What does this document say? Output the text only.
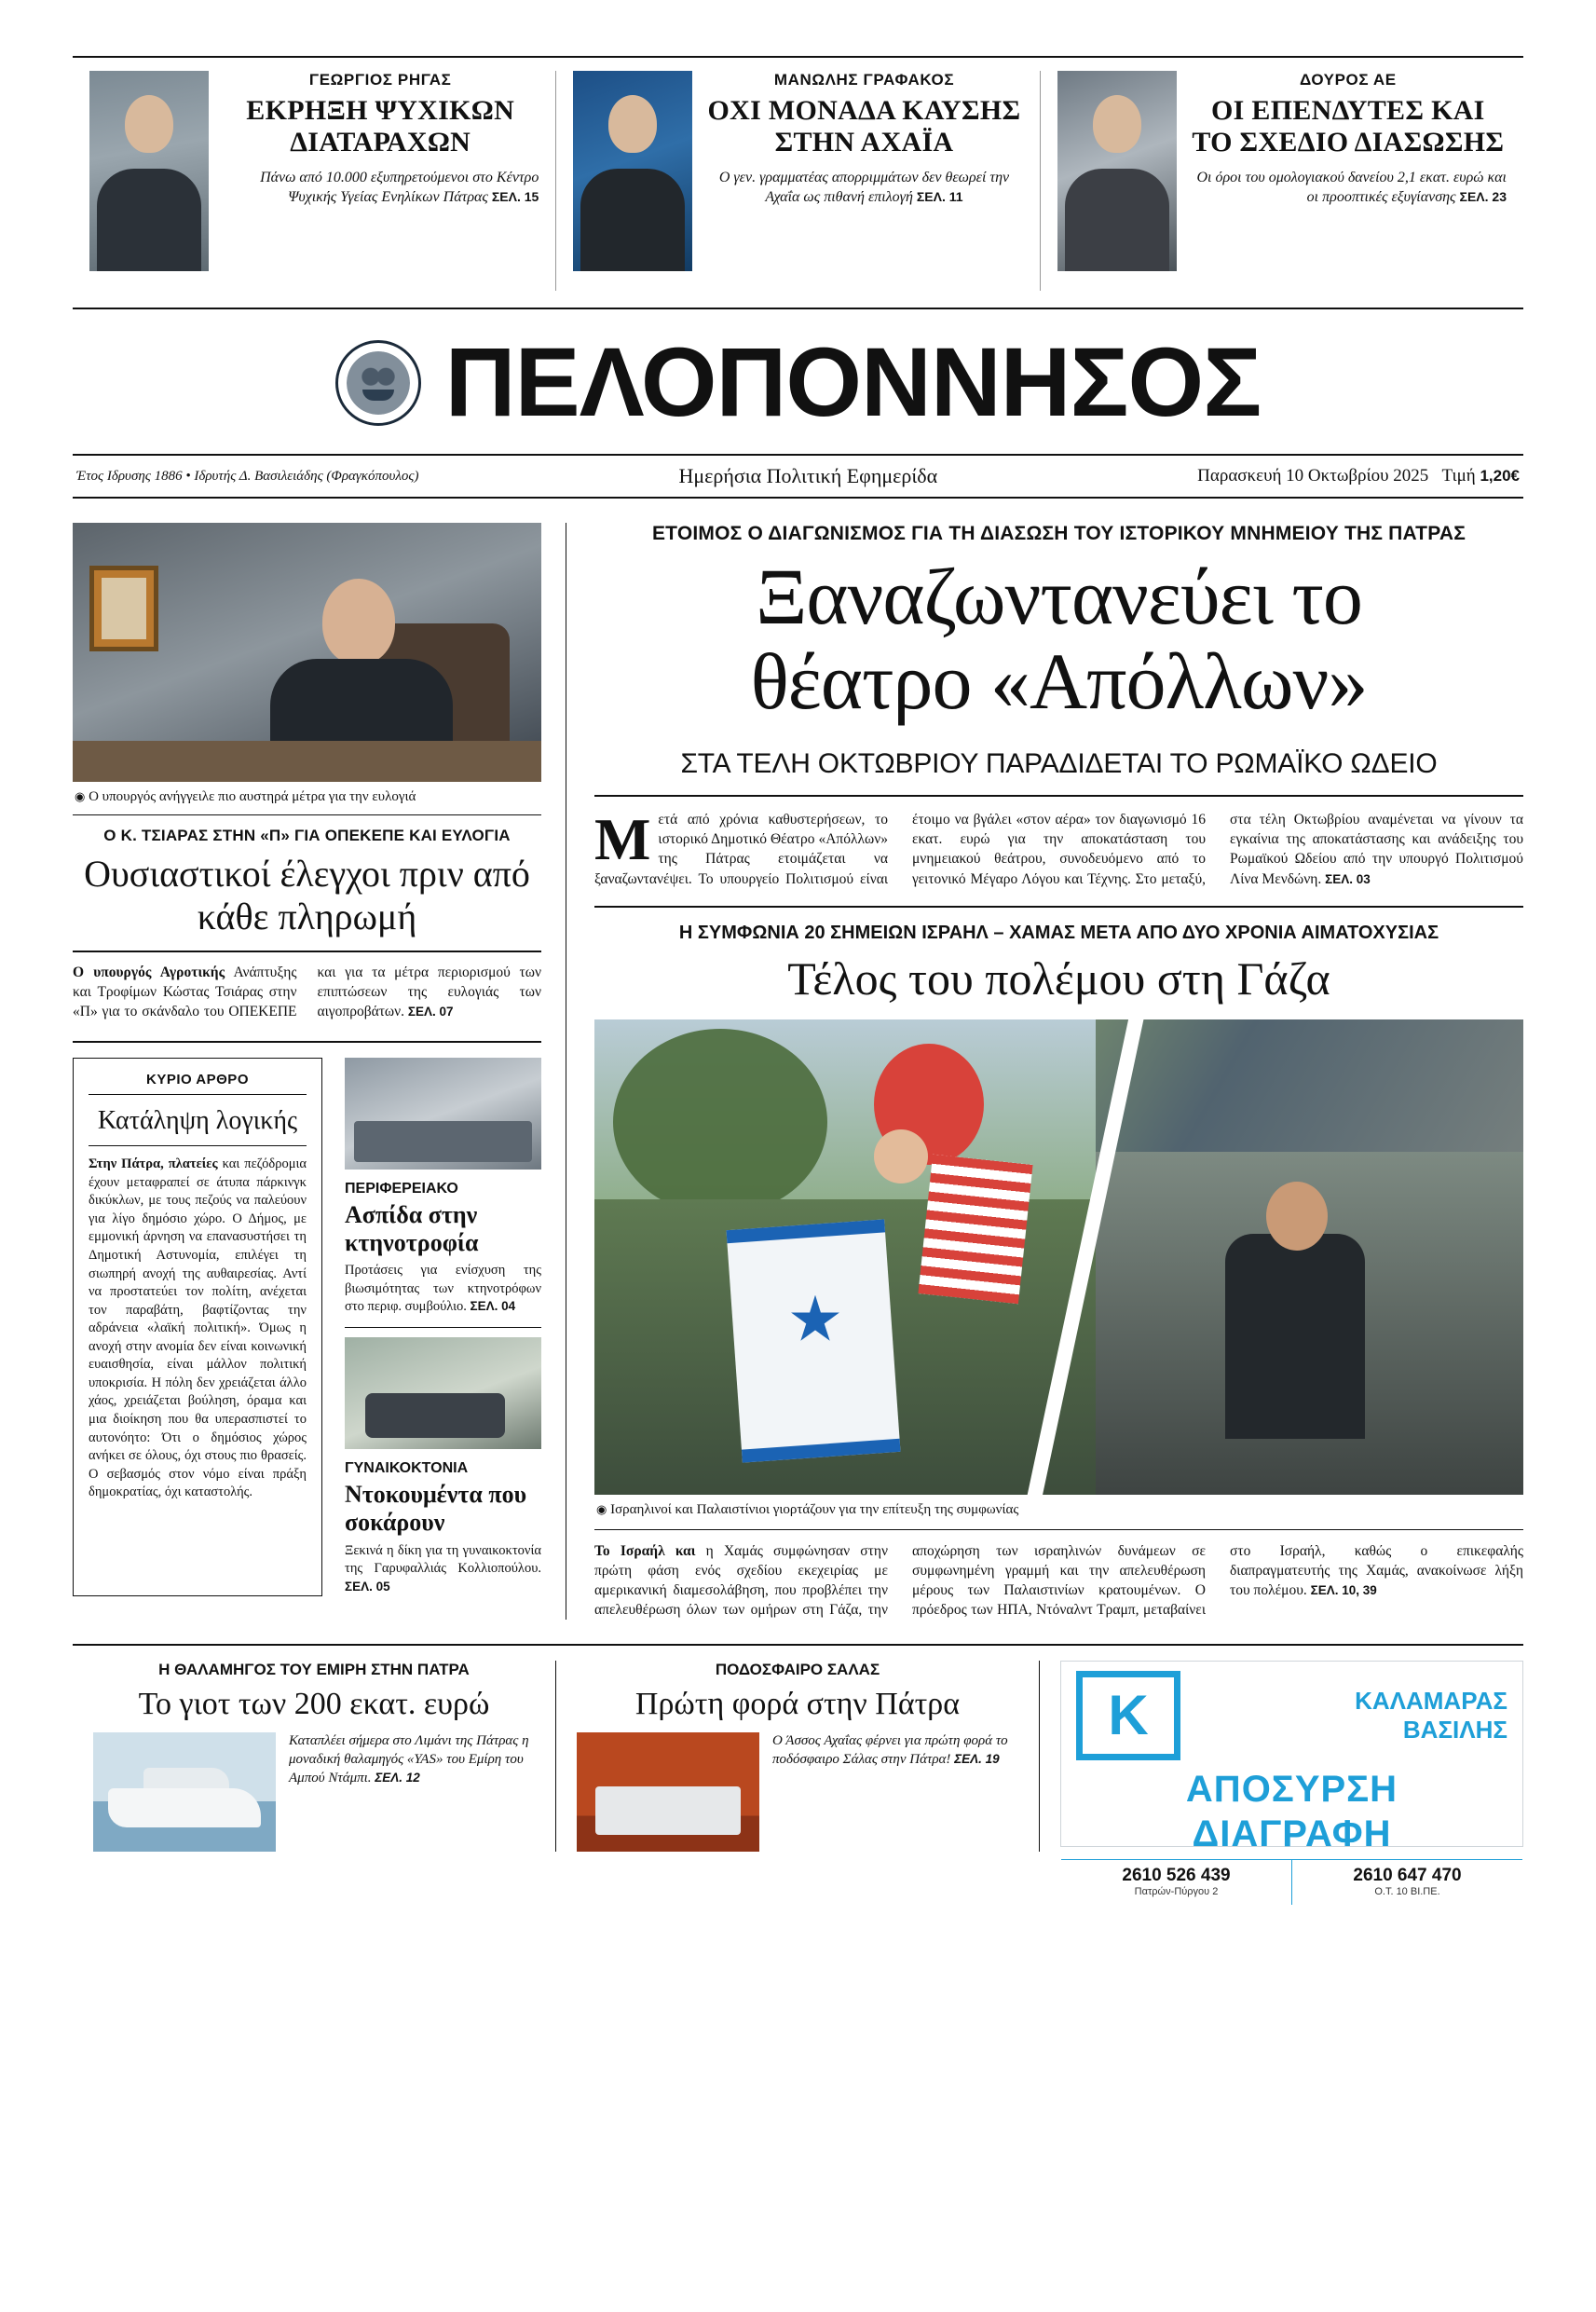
ΓΕΩΡΓΙΟΣ ΡΗΓΑΣ
ΕΚΡΗΞΗ ΨΥΧΙΚΩΝ ΔΙΑΤΑΡΑΧΩΝ
Πάνω από 10.000 εξυπηρετούμενοι στο Κέντρο Ψυχικής Υγείας Ενηλίκων Πάτρας ΣΕΛ. 15
ΜΑΝΩΛΗΣ ΓΡΑΦΑΚΟΣ
ΟΧΙ ΜΟΝΑΔΑ ΚΑΥΣΗΣ ΣΤΗΝ ΑΧΑΪΑ
Ο γεν. γραμματέας απορριμμάτων δεν θεωρεί την Αχαΐα ως πιθανή επιλογή ΣΕΛ. 11
ΔΟΥΡΟΣ ΑΕ
ΟΙ ΕΠΕΝΔΥΤΕΣ ΚΑΙ ΤΟ ΣΧΕΔΙΟ ΔΙΑΣΩΣΗΣ
Οι όροι του ομολογιακού δανείου 2,1 εκατ. ευρώ και οι προοπτικές εξυγίανσης ΣΕΛ. 23
ΠΕΛΟΠΟΝΝΗΣΟΣ
Έτος Ιδρυσης 1886 • Ιδρυτής Δ. Βασιλειάδης (Φραγκόπουλος)	Ημερήσια Πολιτική Εφημερίδα	Παρασκευή 10 Οκτωβρίου 2025 Τιμή 1,20€
◉ Ο υπουργός ανήγγειλε πιο αυστηρά μέτρα για την ευλογιά
Ο Κ. ΤΣΙΑΡΑΣ ΣΤΗΝ «Π» ΓΙΑ ΟΠΕΚΕΠΕ ΚΑΙ ΕΥΛΟΓΙΑ
Ουσιαστικοί έλεγχοι πριν από κάθε πληρωμή
Ο υπουργός Αγροτικής Ανάπτυξης και Τροφίμων Κώστας Τσιάρας στην «Π» για το σκάνδαλο του ΟΠΕΚΕΠΕ και για τα μέτρα περιορισμού των επιπτώσεων της ευλογιάς των αιγοπροβάτων. ΣΕΛ. 07
ΚΥΡΙΟ ΑΡΘΡΟ
Κατάληψη λογικής
Στην Πάτρα, πλατείες και πεζόδρομια έχουν μεταφραπεί σε άτυπα πάρκινγκ δικύκλων, με τους πεζούς να παλεύουν για λίγο δημόσιο χώρο. Ο Δήμος, με εμμονική άρνηση να επανασυστήσει τη Δημοτική Αστυνομία, επιλέγει τη σιωπηρή ανοχή της αυθαιρεσίας. Αντί να προστατεύει τον πολίτη, ανέχεται τον παραβάτη, βαφτίζοντας την αδράνεια «λαϊκή πολιτική». Όμως η ανοχή στην ανομία δεν είναι κοινωνική ευαισθησία, είναι μάλλον πολιτική υποκρισία. Η πόλη δεν χρειάζεται άλλο χάος, χρειάζεται βούληση, όραμα και μια διοίκηση που θα υπερασπιστεί το αυτονόητο: Ότι ο δημόσιος χώρος ανήκει σε όλους, όχι στους πιο θρασείς. Ο σεβασμός στον νόμο είναι πράξη δημοκρατίας, όχι καταστολής.
ΠΕΡΙΦΕΡΕΙΑΚΟ
Ασπίδα στην κτηνοτροφία
Προτάσεις για ενίσχυση της βιωσιμότητας των κτηνοτρόφων στο περιφ. συμβούλιο. ΣΕΛ. 04
ΓΥΝΑΙΚΟΚΤΟΝΙΑ
Ντοκουμέντα που σοκάρουν
Ξεκινά η δίκη για τη γυναικοκτονία της Γαρυφαλλιάς Κολλιοπούλου. ΣΕΛ. 05
ΕΤΟΙΜΟΣ Ο ΔΙΑΓΩΝΙΣΜΟΣ ΓΙΑ ΤΗ ΔΙΑΣΩΣΗ ΤΟΥ ΙΣΤΟΡΙΚΟΥ ΜΝΗΜΕΙΟΥ ΤΗΣ ΠΑΤΡΑΣ
Ξαναζωντανεύει το
θέατρο «Απόλλων»
ΣΤΑ ΤΕΛΗ ΟΚΤΩΒΡΙΟΥ ΠΑΡΑΔΙΔΕΤΑΙ ΤΟ ΡΩΜΑΪΚΟ ΩΔΕΙΟ
Μετά από χρόνια καθυστερήσεων, το ιστορικό Δημοτικό Θέατρο «Απόλλων» της Πάτρας ετοιμάζεται να ξαναζωντανέψει. Το υπουργείο Πολιτισμού είναι έτοιμο να βγάλει «στον αέρα» τον διαγωνισμό 16 εκατ. ευρώ για την αποκατάσταση του μνημειακού θεάτρου, συνοδευόμενο από το γειτονικό Μέγαρο Λόγου και Τέχνης. Στο μεταξύ, στα τέλη Οκτωβρίου αναμένεται να γίνουν τα εγκαίνια της αποκατάστασης και ανάδειξης του Ρωμαϊκού Ωδείου από την υπουργό Πολιτισμού Λίνα Μενδώνη. ΣΕΛ. 03
Η ΣΥΜΦΩΝΙΑ 20 ΣΗΜΕΙΩΝ ΙΣΡΑΗΛ – ΧΑΜΑΣ ΜΕΤΑ ΑΠΟ ΔΥΟ ΧΡΟΝΙΑ ΑΙΜΑΤΟΧΥΣΙΑΣ
Τέλος του πολέμου στη Γάζα
◉ Ισραηλινοί και Παλαιστίνιοι γιορτάζουν για την επίτευξη της συμφωνίας
Το Ισραήλ και η Χαμάς συμφώνησαν στην πρώτη φάση ενός σχεδίου εκεχειρίας με αμερικανική διαμεσολάβηση, που προβλέπει την απελευθέρωση όλων των ομήρων στη Γάζα, την αποχώρηση των ισραηλινών δυνάμεων σε συμφωνημένη γραμμή και την απελευθέρωση μέρους των Παλαιστινίων κρατουμένων. Ο πρόεδρος των ΗΠΑ, Ντόναλντ Τραμπ, μεταβαίνει στο Ισραήλ, καθώς ο επικεφαλής διαπραγματευτής της Χαμάς, ανακοίνωσε λήξη του πολέμου. ΣΕΛ. 10, 39
Η ΘΑΛΑΜΗΓΟΣ ΤΟΥ ΕΜΙΡΗ ΣΤΗΝ ΠΑΤΡΑ
Το γιοτ των 200 εκατ. ευρώ
Καταπλέει σήμερα στο Λιμάνι της Πάτρας η μοναδική θαλαμηγός «ΥΑS» του Εμίρη του Αμπού Ντάμπι. ΣΕΛ. 12
ΠΟΔΟΣΦΑΙΡΟ ΣΑΛΑΣ
Πρώτη φορά στην Πάτρα
Ο Άσσος Αχαΐας φέρνει για πρώτη φορά το ποδόσφαιρο Σάλας στην Πάτρα! ΣΕΛ. 19
K
ΚΑΛΑΜΑΡΑΣ
ΒΑΣΙΛΗΣ
ΑΠΟΣΥΡΣΗ
ΔΙΑΓΡΑΦΗ
2610 526 439
Πατρών-Πύργου 2
2610 647 470
Ο.Τ. 10 ΒΙ.ΠΕ.
